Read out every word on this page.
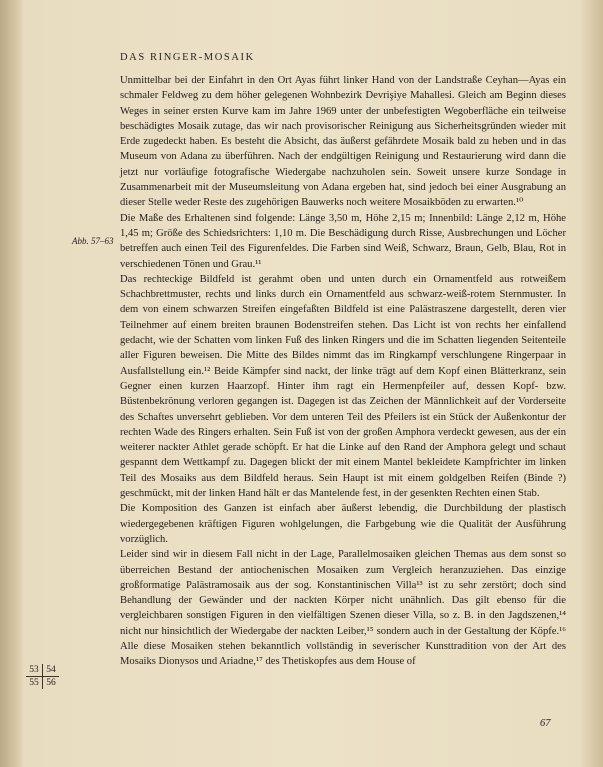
DAS RINGER-MOSAIK
Abb. 57–63

Unmittelbar bei der Einfahrt in den Ort Ayas führt linker Hand von der Landstraße Ceyhan—Ayas ein schmaler Feldweg zu dem höher gelegenen Wohnbezirk Devrişiye Mahallesi. Gleich am Beginn dieses Weges in seiner ersten Kurve kam im Jahre 1969 unter der unbefestigten Wegoberfläche ein teilweise beschädigtes Mosaik zutage, das wir nach provisorischer Reinigung aus Sicherheitsgründen wieder mit Erde zugedeckt haben. Es besteht die Absicht, das äußerst gefährdete Mosaik bald zu heben und in das Museum von Adana zu überführen. Nach der endgültigen Reinigung und Restaurierung wird dann die jetzt nur vorläufige fotografische Wiedergabe nachzuholen sein. Soweit unsere kurze Sondage in Zusammenarbeit mit der Museumsleitung von Adana ergeben hat, sind jedoch bei einer Ausgrabung an dieser Stelle weder Reste des zugehörigen Bauwerks noch weitere Mosaikböden zu erwarten.¹⁰

Die Maße des Erhaltenen sind folgende: Länge 3,50 m, Höhe 2,15 m; Innenbild: Länge 2,12 m, Höhe 1,45 m; Größe des Schiedsrichters: 1,10 m. Die Beschädigung durch Risse, Ausbrechungen und Löcher betreffen auch einen Teil des Figurenfeldes. Die Farben sind Weiß, Schwarz, Braun, Gelb, Blau, Rot in verschiedenen Tönen und Grau.¹¹

Das rechteckige Bildfeld ist gerahmt oben und unten durch ein Ornamentfeld aus rotweißem Schachbrettmuster, rechts und links durch ein Ornamentfeld aus schwarz-weiß-rotem Sternmuster. In dem von einem schwarzen Streifen eingefaßten Bildfeld ist eine Palästraszene dargestellt, deren vier Teilnehmer auf einem breiten braunen Bodenstreifen stehen. Das Licht ist von rechts her einfallend gedacht, wie der Schatten vom linken Fuß des linken Ringers und die im Schatten liegenden Seitenteile aller Figuren beweisen. Die Mitte des Bildes nimmt das im Ringkampf verschlungene Ringerpaar in Ausfallstellung ein.¹² Beide Kämpfer sind nackt, der linke trägt auf dem Kopf einen Blätterkranz, sein Gegner einen kurzen Haarzopf. Hinter ihm ragt ein Hermenpfeiler auf, dessen Kopf- bzw. Büstenbekrönung verloren gegangen ist. Dagegen ist das Zeichen der Männlichkeit auf der Vorderseite des Schaftes unversehrt geblieben. Vor dem unteren Teil des Pfeilers ist ein Stück der Außenkontur der rechten Wade des Ringers erhalten. Sein Fuß ist von der großen Amphora verdeckt gewesen, aus der ein weiterer nackter Athlet gerade schöpft. Er hat die Linke auf den Rand der Amphora gelegt und schaut gespannt dem Wettkampf zu. Dagegen blickt der mit einem Mantel bekleidete Kampfrichter im linken Teil des Mosaiks aus dem Bildfeld heraus. Sein Haupt ist mit einem goldgelben Reifen (Binde ?) geschmückt, mit der linken Hand hält er das Mantelende fest, in der gesenkten Rechten einen Stab.

Die Komposition des Ganzen ist einfach aber äußerst lebendig, die Durchbildung der plastisch wiedergegebenen kräftigen Figuren wohlgelungen, die Farbgebung wie die Qualität der Ausführung vorzüglich.

Leider sind wir in diesem Fall nicht in der Lage, Parallelmosaiken gleichen Themas aus dem sonst so überreichen Bestand der antiochenischen Mosaiken zum Vergleich heranzuziehen. Das einzige großformatige Palästramosaik aus der sog. Konstantinischen Villa¹³ ist zu sehr zerstört; doch sind Behandlung der Gewänder und der nackten Körper nicht unähnlich. Das gilt ebenso für die vergleichbaren sonstigen Figuren in den vielfältigen Szenen dieser Villa, so z. B. in den Jagdszenen,¹⁴ nicht nur hinsichtlich der Wiedergabe der nackten Leiber,¹⁵ sondern auch in der Gestaltung der Köpfe.¹⁶ Alle diese Mosaiken stehen bekanntlich vollständig in severischer Kunsttradition von der Art des Mosaiks Dionysos und Ariadne,¹⁷ des Thetiskopfes aus dem House of

53 54
55 56
67
